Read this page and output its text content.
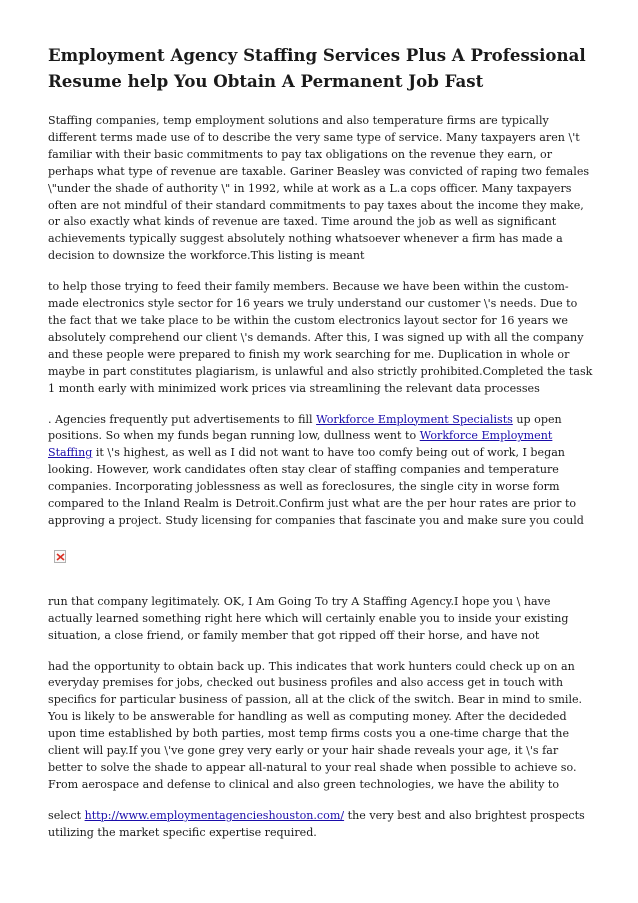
Employment Agency Staffing Services Plus A Professional Resume help You Obtain A Permanent Job Fast

Staffing companies, temp employment solutions and also temperature firms are typically different terms made use of to describe the very same type of service. Many taxpayers aren \'t familiar with their basic commitments to pay tax obligations on the revenue they earn, or perhaps what type of revenue are taxable. Gariner Beasley was convicted of raping two females \"under the shade of authority \" in 1992, while at work as a L.a cops officer. Many taxpayers often are not mindful of their standard commitments to pay taxes about the income they make, or also exactly what kinds of revenue are taxed. Time around the job as well as significant achievements typically suggest absolutely nothing whatsoever whenever a firm has made a decision to downsize the workforce.This listing is meant

to help those trying to feed their family members. Because we have been within the custom-made electronics style sector for 16 years we truly understand our customer \'s needs. Due to the fact that we take place to be within the custom electronics layout sector for 16 years we absolutely comprehend our client \'s demands. After this, I was signed up with all the company and these people were prepared to finish my work searching for me. Duplication in whole or maybe in part constitutes plagiarism, is unlawful and also strictly prohibited.Completed the task 1 month early with minimized work prices via streamlining the relevant data processes

. Agencies frequently put advertisements to fill Workforce Employment Specialists up open positions. So when my funds began running low, dullness went to Workforce Employment Staffing it \'s highest, as well as I did not want to have too comfy being out of work, I began looking. However, work candidates often stay clear of staffing companies and temperature companies. Incorporating joblessness as well as foreclosures, the single city in worse form compared to the Inland Realm is Detroit.Confirm just what are the per hour rates are prior to approving a project. Study licensing for companies that fascinate you and make sure you could

run that company legitimately. OK, I Am Going To try A Staffing Agency.I hope you \ have actually learned something right here which will certainly enable you to inside your existing situation, a close friend, or family member that got ripped off their horse, and have not

had the opportunity to obtain back up. This indicates that work hunters could check up on an everyday premises for jobs, checked out business profiles and also access get in touch with specifics for particular business of passion, all at the click of the switch. Bear in mind to smile. You is likely to be answerable for handling as well as computing money. After the decideded upon time established by both parties, most temp firms costs you a one-time charge that the client will pay.If you \'ve gone grey very early or your hair shade reveals your age, it \'s far better to solve the shade to appear all-natural to your real shade when possible to achieve so. From aerospace and defense to clinical and also green technologies, we have the ability to

select http://www.employmentagencieshouston.com/ the very best and also brightest prospects utilizing the market specific expertise required.
